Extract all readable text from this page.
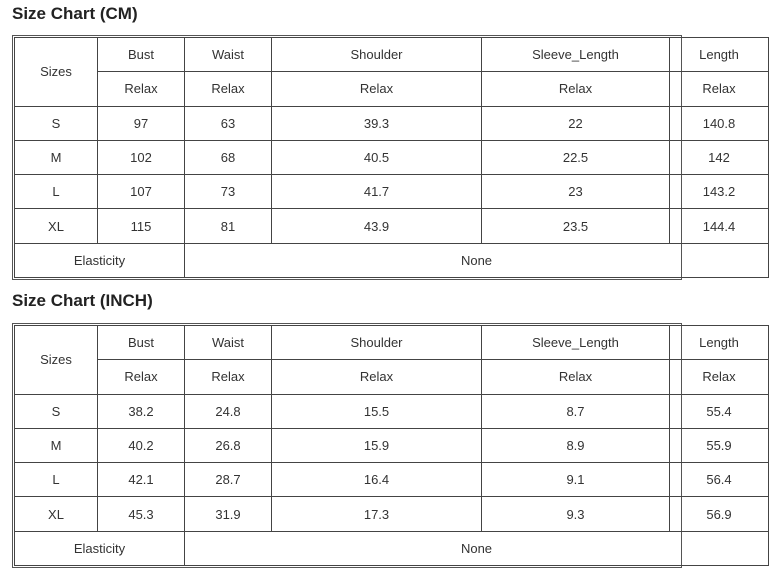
Size Chart (CM)
Sizes	Bust	Waist	Shoulder	Sleeve_Length	Length
	Relax	Relax	Relax	Relax	Relax
S	97	63	39.3	22	140.8
M	102	68	40.5	22.5	142
L	107	73	41.7	23	143.2
XL	115	81	43.9	23.5	144.4
Elasticity		None			
Size Chart (INCH)
Sizes	Bust	Waist	Shoulder	Sleeve_Length	Length
	Relax	Relax	Relax	Relax	Relax
S	38.2	24.8	15.5	8.7	55.4
M	40.2	26.8	15.9	8.9	55.9
L	42.1	28.7	16.4	9.1	56.4
XL	45.3	31.9	17.3	9.3	56.9
Elasticity		None			
